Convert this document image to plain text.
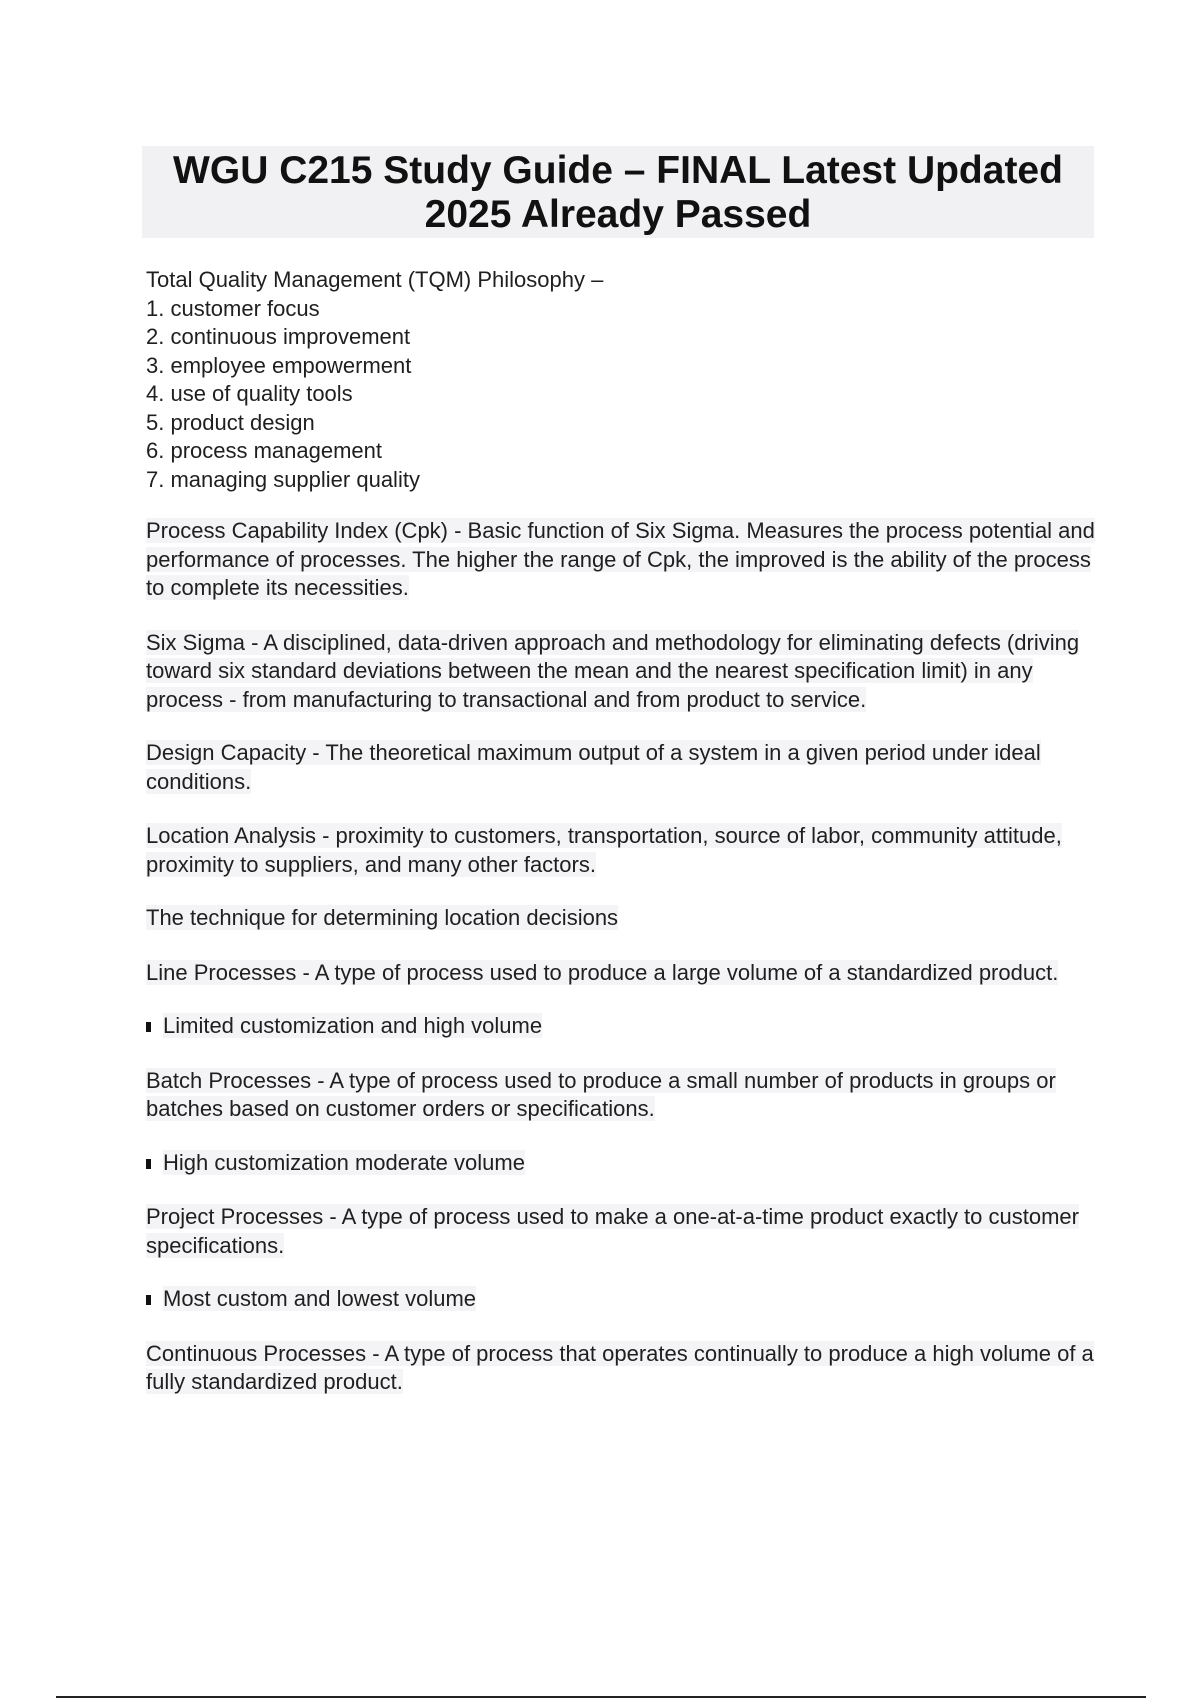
WGU C215 Study Guide – FINAL Latest Updated 2025 Already Passed

Total Quality Management (TQM) Philosophy –

1. customer focus
2. continuous improvement
3. employee empowerment
4. use of quality tools
5. product design
6. process management
7. managing supplier quality

Process Capability Index (Cpk) - Basic function of Six Sigma. Measures the process potential and performance of processes. The higher the range of Cpk, the improved is the ability of the process to complete its necessities.

Six Sigma - A disciplined, data-driven approach and methodology for eliminating defects (driving toward six standard deviations between the mean and the nearest specification limit) in any process - from manufacturing to transactional and from product to service.

Design Capacity - The theoretical maximum output of a system in a given period under ideal conditions.

Location Analysis - proximity to customers, transportation, source of labor, community attitude, proximity to suppliers, and many other factors.

The technique for determining location decisions

Line Processes - A type of process used to produce a large volume of a standardized product.

Limited customization and high volume

Batch Processes - A type of process used to produce a small number of products in groups or batches based on customer orders or specifications.

High customization moderate volume

Project Processes - A type of process used to make a one-at-a-time product exactly to customer specifications.

Most custom and lowest volume

Continuous Processes - A type of process that operates continually to produce a high volume of a fully standardized product.
